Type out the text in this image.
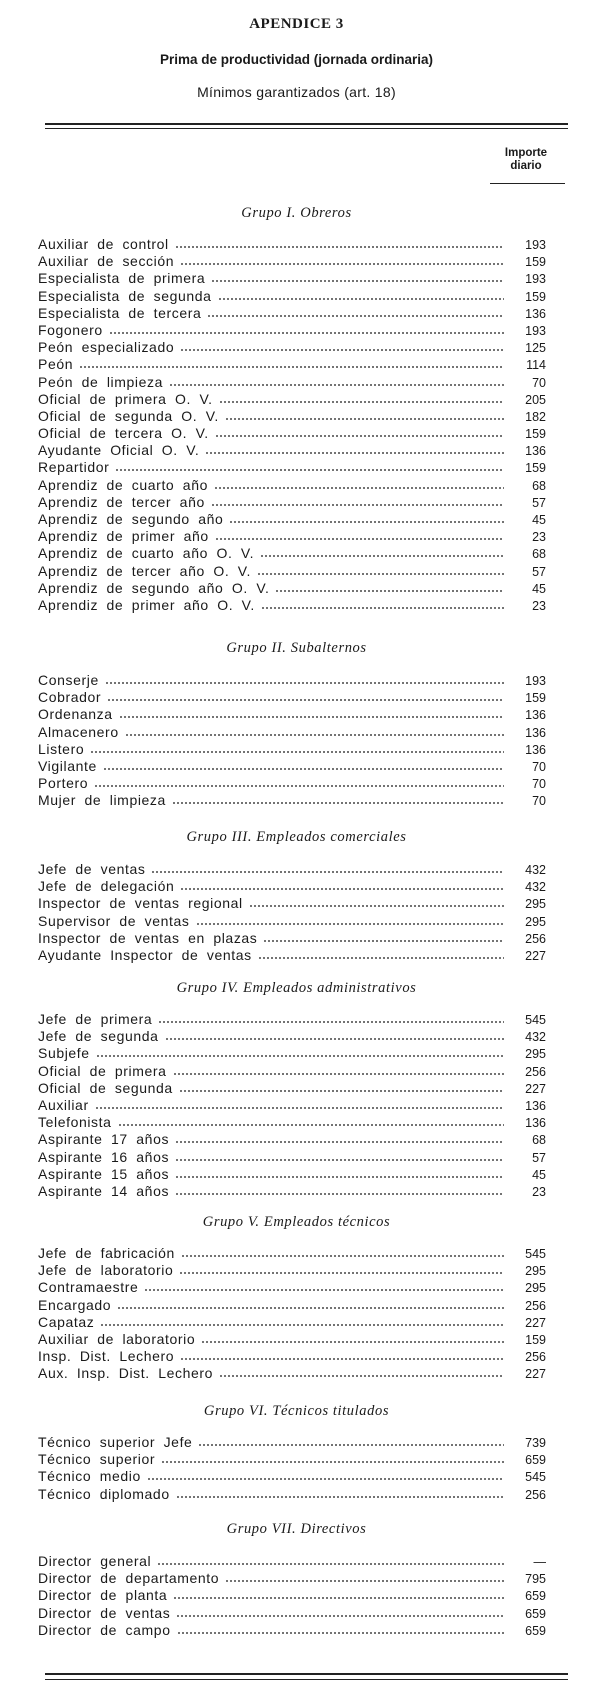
APENDICE 3
Prima de productividad (jornada ordinaria)
Mínimos garantizados (art. 18)
Importe
diario
Grupo I. Obreros
Auxiliar de control	193
Auxiliar de sección	159
Especialista de primera	193
Especialista de segunda	159
Especialista de tercera	136
Fogonero	193
Peón especializado	125
Peón	114
Peón de limpieza	70
Oficial de primera O. V.	205
Oficial de segunda O. V.	182
Oficial de tercera O. V.	159
Ayudante Oficial O. V.	136
Repartidor	159
Aprendiz de cuarto año	68
Aprendiz de tercer año	57
Aprendiz de segundo año	45
Aprendiz de primer año	23
Aprendiz de cuarto año O. V.	68
Aprendiz de tercer año O. V.	57
Aprendiz de segundo año O. V.	45
Aprendiz de primer año O. V.	23
Grupo II. Subalternos
Conserje	193
Cobrador	159
Ordenanza	136
Almacenero	136
Listero	136
Vigilante	70
Portero	70
Mujer de limpieza	70
Grupo III. Empleados comerciales
Jefe de ventas	432
Jefe de delegación	432
Inspector de ventas regional	295
Supervisor de ventas	295
Inspector de ventas en plazas	256
Ayudante Inspector de ventas	227
Grupo IV. Empleados administrativos
Jefe de primera	545
Jefe de segunda	432
Subjefe	295
Oficial de primera	256
Oficial de segunda	227
Auxiliar	136
Telefonista	136
Aspirante 17 años	68
Aspirante 16 años	57
Aspirante 15 años	45
Aspirante 14 años	23
Grupo V. Empleados técnicos
Jefe de fabricación	545
Jefe de laboratorio	295
Contramaestre	295
Encargado	256
Capataz	227
Auxiliar de laboratorio	159
Insp. Dist. Lechero	256
Aux. Insp. Dist. Lechero	227
Grupo VI. Técnicos titulados
Técnico superior Jefe	739
Técnico superior	659
Técnico medio	545
Técnico diplomado	256
Grupo VII. Directivos
Director general	—
Director de departamento	795
Director de planta	659
Director de ventas	659
Director de campo	659
